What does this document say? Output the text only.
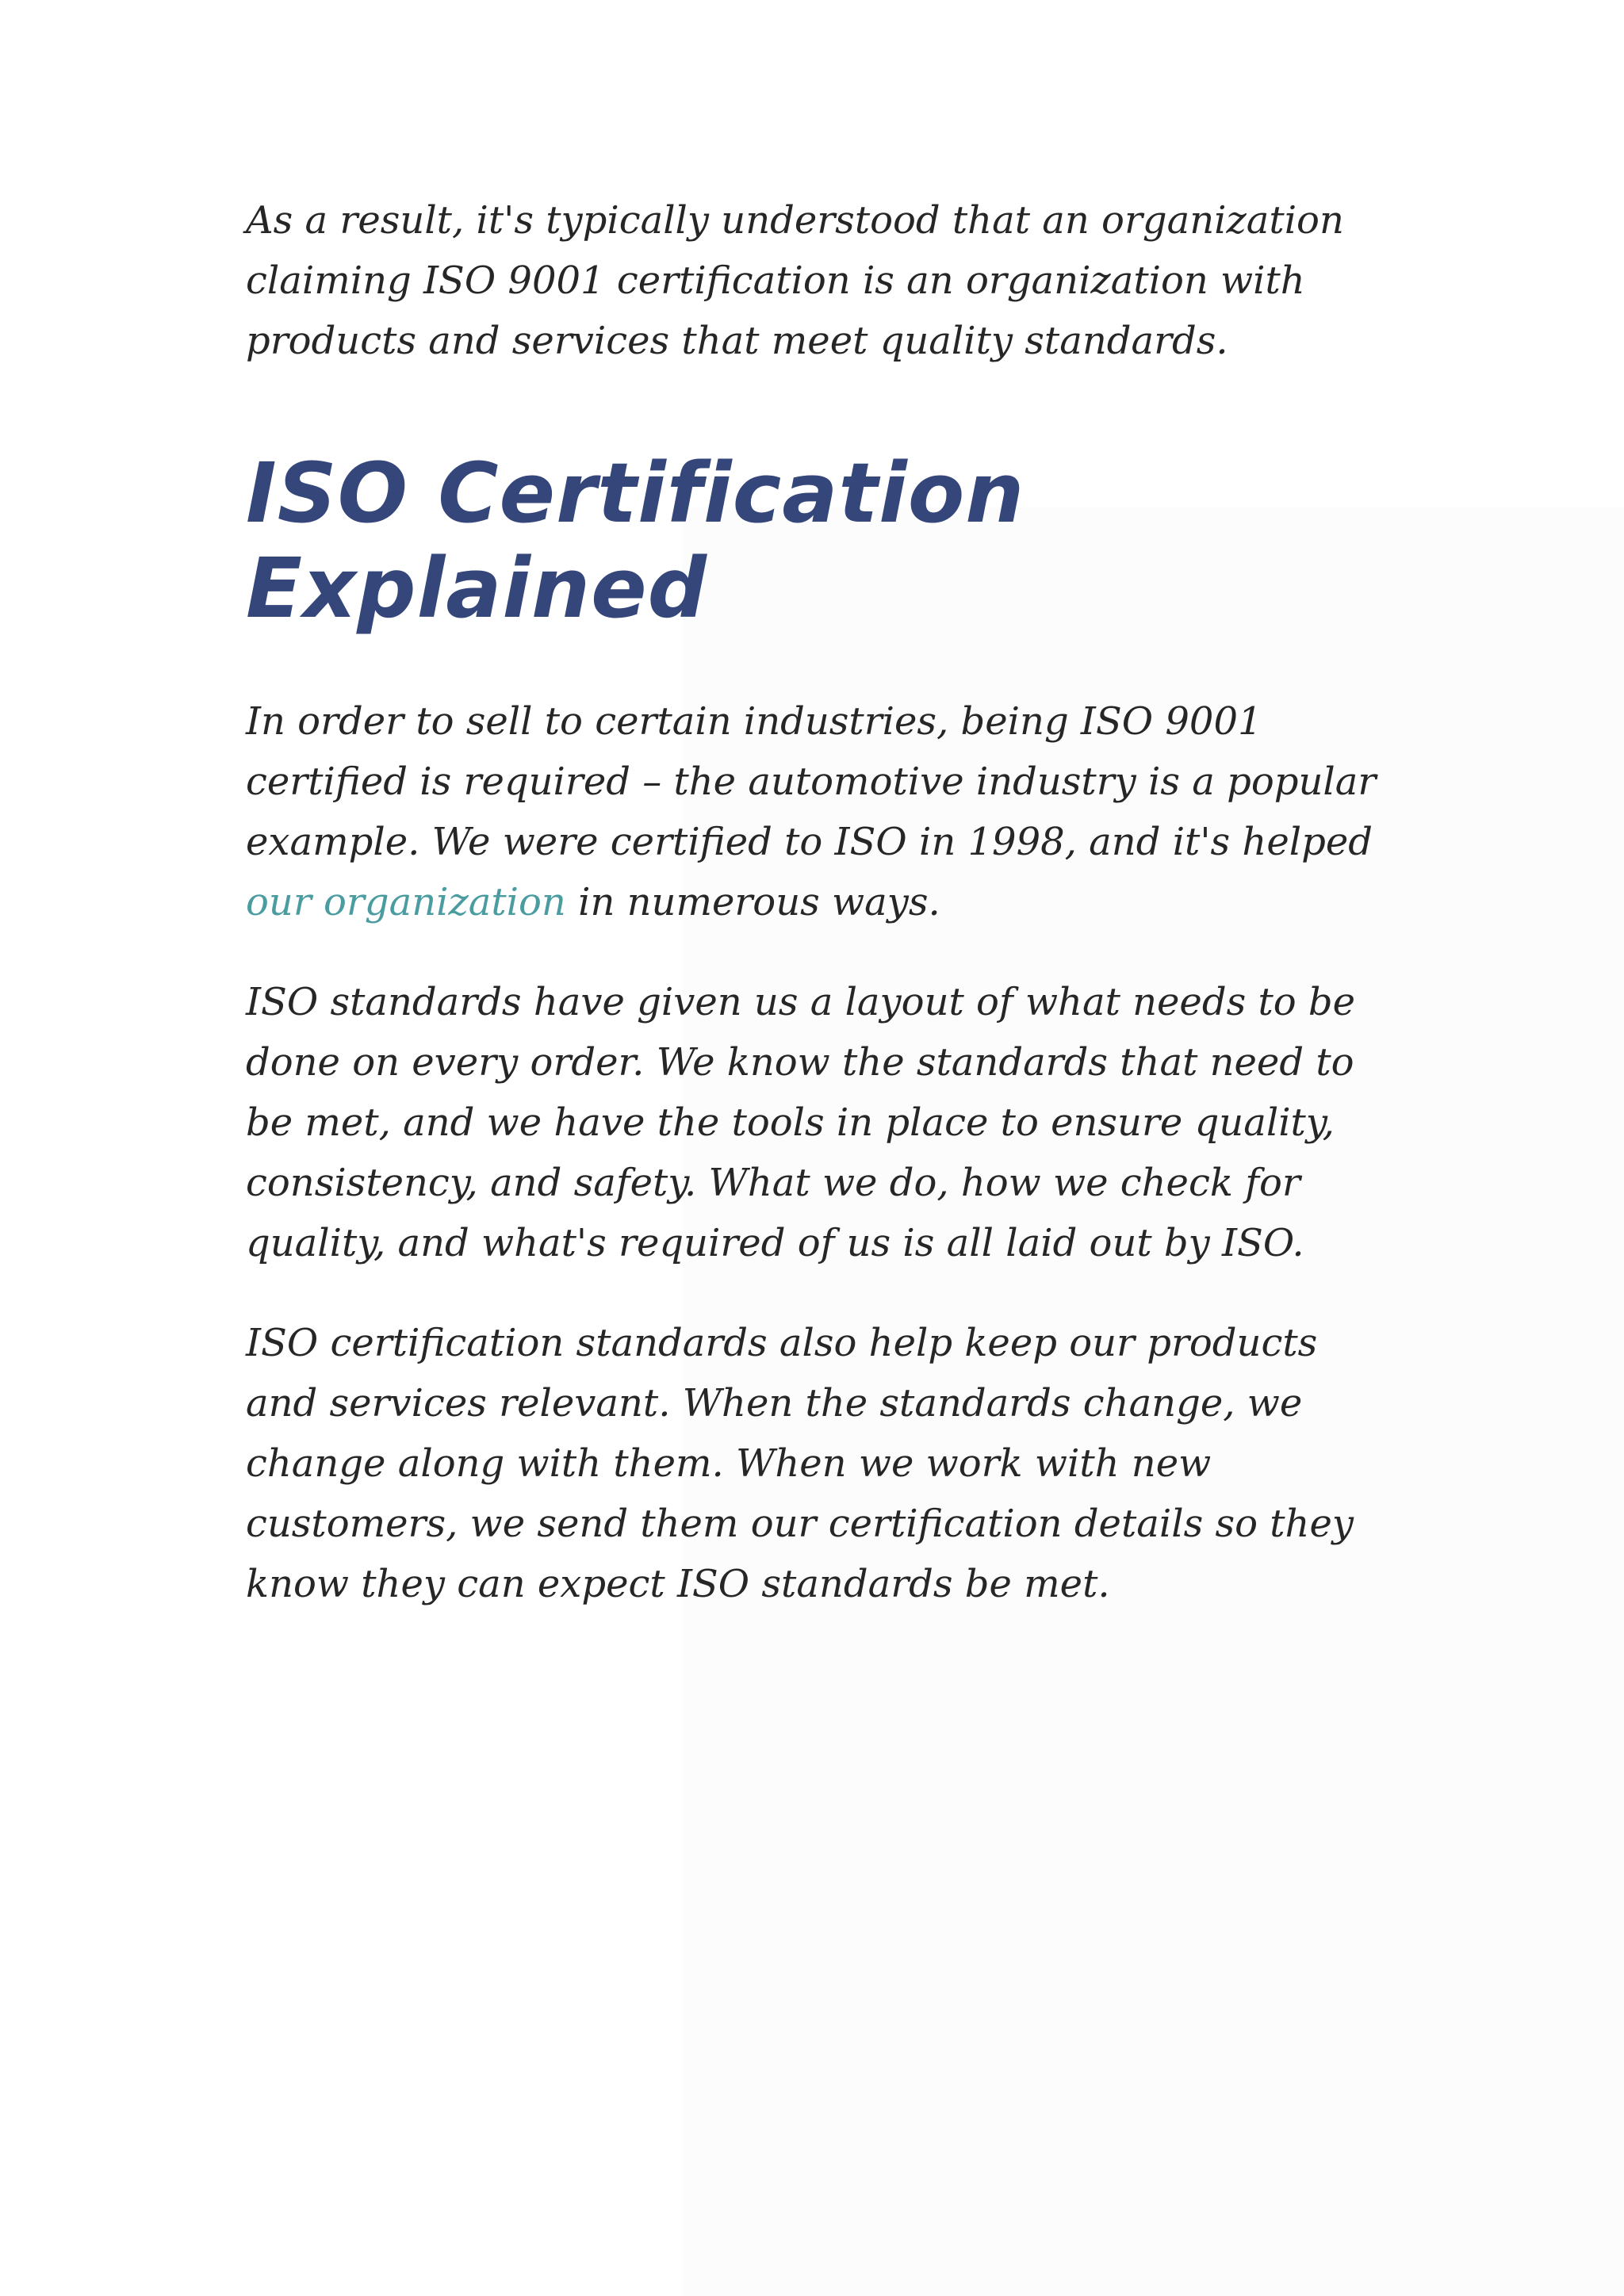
As a result, it's typically understood that an organization claiming ISO 9001 certification is an organization with products and services that meet quality standards.

ISO Certification Explained

In order to sell to certain industries, being ISO 9001 certified is required – the automotive industry is a popular example. We were certified to ISO in 1998, and it's helped our organization in numerous ways.

ISO standards have given us a layout of what needs to be done on every order. We know the standards that need to be met, and we have the tools in place to ensure quality, consistency, and safety. What we do, how we check for quality, and what's required of us is all laid out by ISO.

ISO certification standards also help keep our products and services relevant. When the standards change, we change along with them. When we work with new customers, we send them our certification details so they know they can expect ISO standards be met.
